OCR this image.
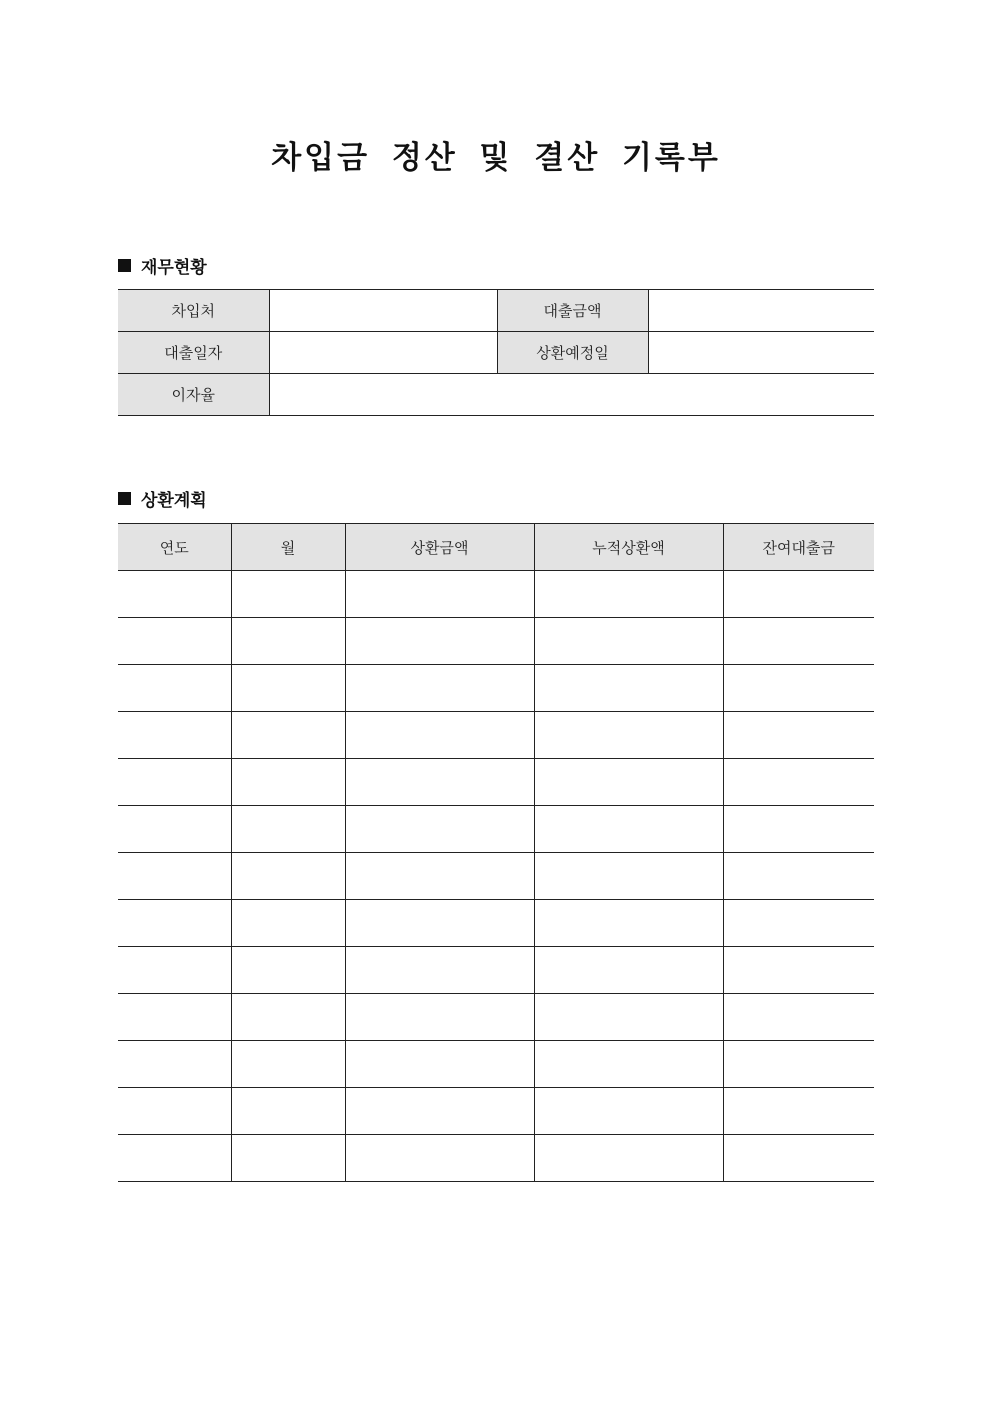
차입금 정산 및 결산 기록부
재무현황
차입처		대출금액	
대출일자		상환예정일	
이자율			
상환계획
연도	월	상환금액	누적상환액	잔여대출금
